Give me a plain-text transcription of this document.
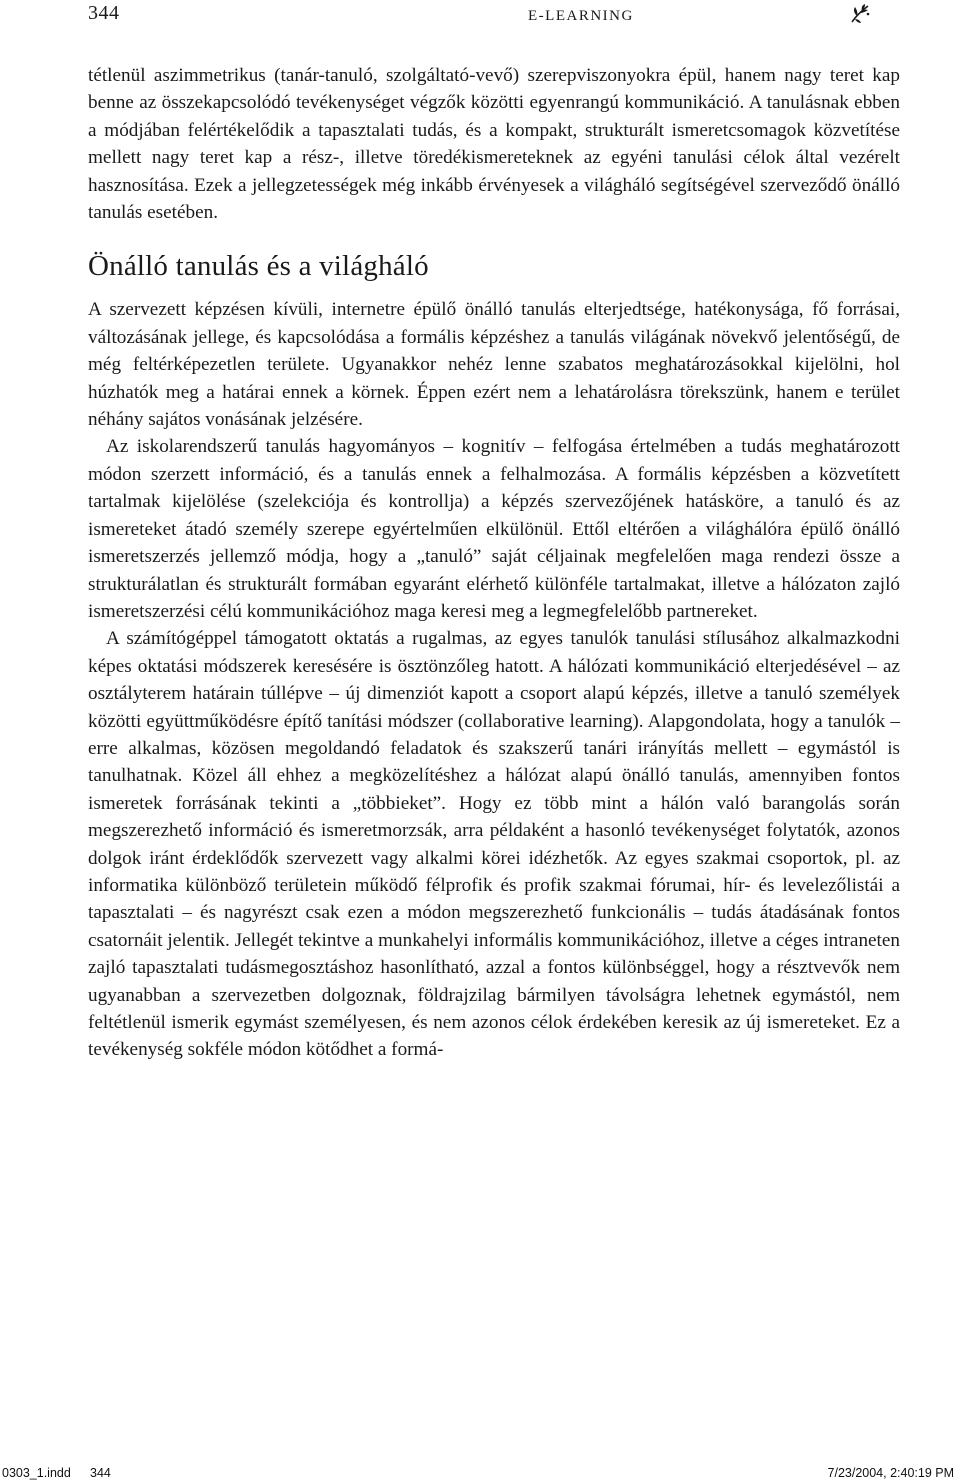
344	E-LEARNING

tétlenül aszimmetrikus (tanár-tanuló, szolgáltató-vevő) szerepviszonyokra épül, hanem nagy teret kap benne az összekapcsolódó tevékenységet végzők közötti egyenrangú kommunikáció. A tanulásnak ebben a módjában felértékelődik a tapasztalati tudás, és a kompakt, strukturált ismeretcsomagok közvetítése mellett nagy teret kap a rész-, illetve töredékismereteknek az egyéni tanulási célok által vezérelt hasznosítása. Ezek a jellegzetességek még inkább érvényesek a világháló segítségével szerveződő önálló tanulás esetében.

Önálló tanulás és a világháló

A szervezett képzésen kívüli, internetre épülő önálló tanulás elterjedtsége, hatékonysága, fő forrásai, változásának jellege, és kapcsolódása a formális képzéshez a tanulás világának növekvő jelentőségű, de még feltérképezetlen területe. Ugyanakkor nehéz lenne szabatos meghatározásokkal kijelölni, hol húzhatók meg a határai ennek a körnek. Éppen ezért nem a lehatárolásra törekszünk, hanem e terület néhány sajátos vonásának jelzésére.

Az iskolarendszerű tanulás hagyományos – kognitív – felfogása értelmében a tudás meghatározott módon szerzett információ, és a tanulás ennek a felhalmozása. A formális képzésben a közvetített tartalmak kijelölése (szelekciója és kontrollja) a képzés szervezőjének hatásköre, a tanuló és az ismereteket átadó személy szerepe egyértelműen elkülönül. Ettől eltérően a világhálóra épülő önálló ismeretszerzés jellemző módja, hogy a „tanuló” saját céljainak megfelelően maga rendezi össze a strukturálatlan és strukturált formában egyaránt elérhető különféle tartalmakat, illetve a hálózaton zajló ismeretszerzési célú kommunikációhoz maga keresi meg a legmegfelelőbb partnereket.

A számítógéppel támogatott oktatás a rugalmas, az egyes tanulók tanulási stílusához alkalmazkodni képes oktatási módszerek keresésére is ösztönzőleg hatott. A hálózati kommunikáció elterjedésével – az osztályterem határain túllépve – új dimenziót kapott a csoport alapú képzés, illetve a tanuló személyek közötti együttműködésre építő tanítási módszer (collaborative learning). Alapgondolata, hogy a tanulók – erre alkalmas, közösen megoldandó feladatok és szakszerű tanári irányítás mellett – egymástól is tanulhatnak. Közel áll ehhez a megközelítéshez a hálózat alapú önálló tanulás, amennyiben fontos ismeretek forrásának tekinti a „többieket”. Hogy ez több mint a hálón való barangolás során megszerezhető információ és ismeretmorzsák, arra példaként a hasonló tevékenységet folytatók, azonos dolgok iránt érdeklődők szervezett vagy alkalmi körei idézhetők. Az egyes szakmai csoportok, pl. az informatika különböző területein működő félprofik és profik szakmai fórumai, hír- és levelezőlistái a tapasztalati – és nagyrészt csak ezen a módon megszerezhető funkcionális – tudás átadásának fontos csatornáit jelentik. Jellegét tekintve a munkahelyi informális kommunikációhoz, illetve a céges intraneten zajló tapasztalati tudásmegosztáshoz hasonlítható, azzal a fontos különbséggel, hogy a résztvevők nem ugyanabban a szervezetben dolgoznak, földrajzilag bármilyen távolságra lehetnek egymástól, nem feltétlenül ismerik egymást személyesen, és nem azonos célok érdekében keresik az új ismereteket. Ez a tevékenység sokféle módon kötődhet a formá-

0303_1.indd 344	7/23/2004, 2:40:19 PM
